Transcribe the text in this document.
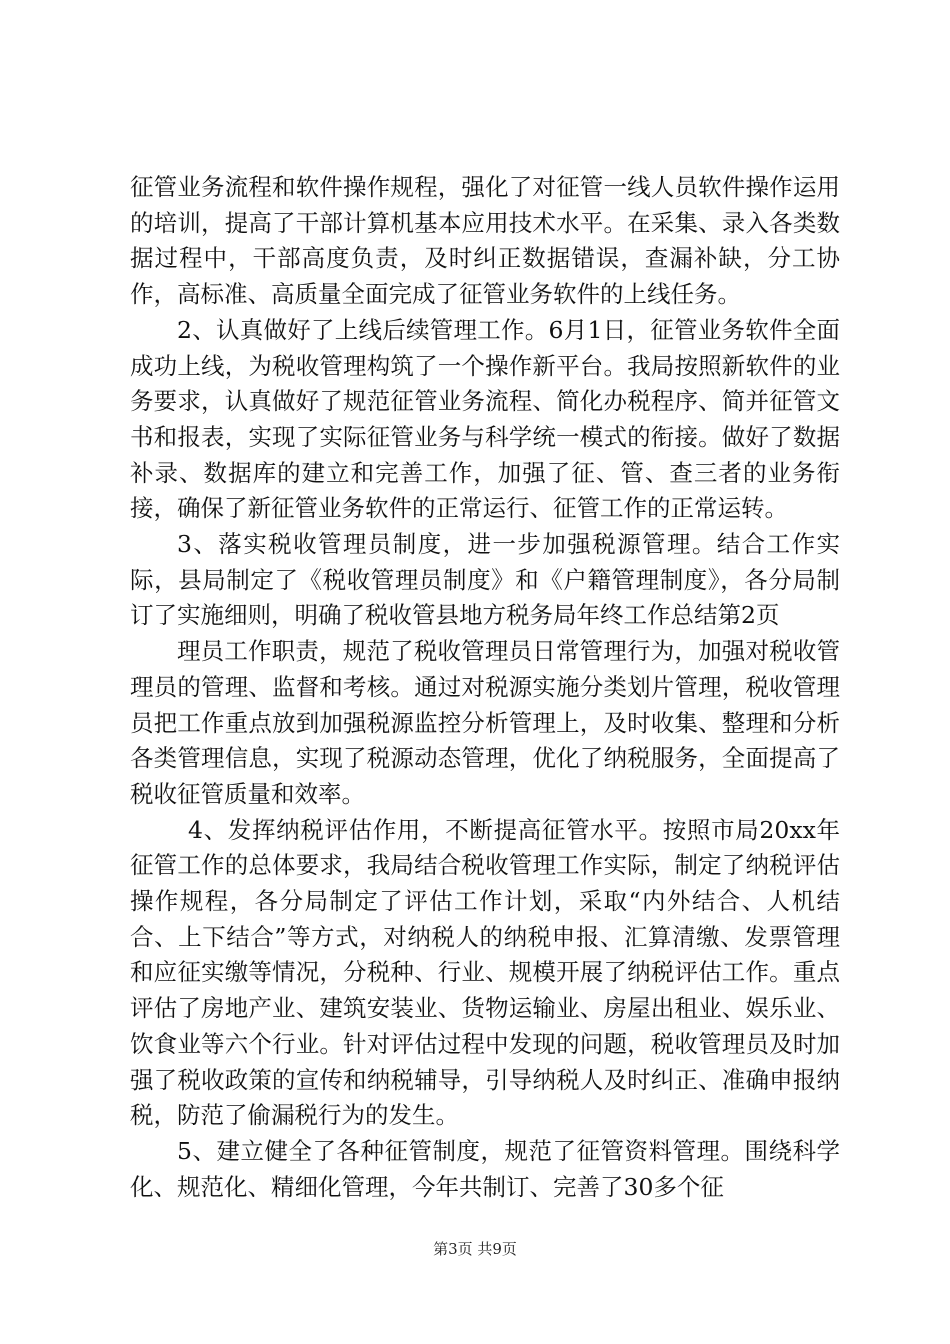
征管业务流程和软件操作规程，强化了对征管一线人员软件操作运用的培训，提高了干部计算机基本应用技术水平。在采集、录入各类数据过程中，干部高度负责，及时纠正数据错误，查漏补缺，分工协作，高标准、高质量全面完成了征管业务软件的上线任务。

2、认真做好了上线后续管理工作。6月1日，征管业务软件全面成功上线，为税收管理构筑了一个操作新平台。我局按照新软件的业务要求，认真做好了规范征管业务流程、简化办税程序、简并征管文书和报表，实现了实际征管业务与科学统一模式的衔接。做好了数据补录、数据库的建立和完善工作，加强了征、管、查三者的业务衔接，确保了新征管业务软件的正常运行、征管工作的正常运转。

3、落实税收管理员制度，进一步加强税源管理。结合工作实际，县局制定了《税收管理员制度》和《户籍管理制度》，各分局制订了实施细则，明确了税收管县地方税务局年终工作总结第2页

理员工作职责，规范了税收管理员日常管理行为，加强对税收管理员的管理、监督和考核。通过对税源实施分类划片管理，税收管理员把工作重点放到加强税源监控分析管理上，及时收集、整理和分析各类管理信息，实现了税源动态管理，优化了纳税服务，全面提高了税收征管质量和效率。

4、发挥纳税评估作用，不断提高征管水平。按照市局20xx年征管工作的总体要求，我局结合税收管理工作实际，制定了纳税评估操作规程，各分局制定了评估工作计划，采取“内外结合、人机结合、上下结合”等方式，对纳税人的纳税申报、汇算清缴、发票管理和应征实缴等情况，分税种、行业、规模开展了纳税评估工作。重点评估了房地产业、建筑安装业、货物运输业、房屋出租业、娱乐业、饮食业等六个行业。针对评估过程中发现的问题，税收管理员及时加强了税收政策的宣传和纳税辅导，引导纳税人及时纠正、准确申报纳税，防范了偷漏税行为的发生。

5、建立健全了各种征管制度，规范了征管资料管理。围绕科学化、规范化、精细化管理，今年共制订、完善了30多个征

第3页 共9页
